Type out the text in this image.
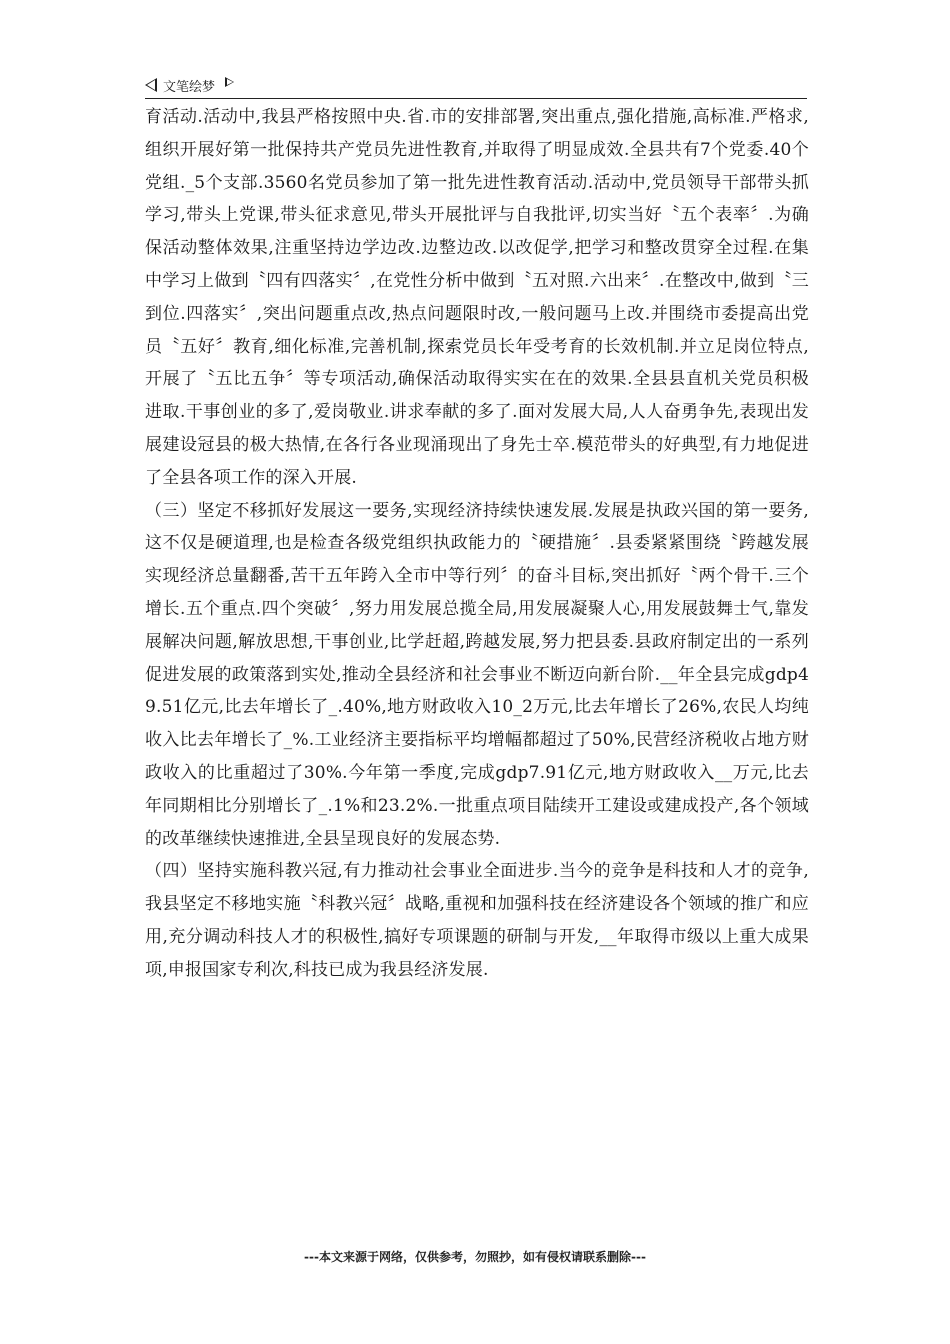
文笔绘梦

育活动.活动中,我县严格按照中央.省.市的安排部署,突出重点,强化措施,高标准.严格求,组织开展好第一批保持共产党员先进性教育,并取得了明显成效.全县共有7个党委.40个党组._5个支部.3560名党员参加了第一批先进性教育活动.活动中,党员领导干部带头抓学习,带头上党课,带头征求意见,带头开展批评与自我批评,切实当好〝五个表率〞.为确保活动整体效果,注重坚持边学边改.边整边改.以改促学,把学习和整改贯穿全过程.在集中学习上做到〝四有四落实〞,在党性分析中做到〝五对照.六出来〞.在整改中,做到〝三到位.四落实〞,突出问题重点改,热点问题限时改,一般问题马上改.并围绕市委提高出党员〝五好〞教育,细化标准,完善机制,探索党员长年受考育的长效机制.并立足岗位特点,开展了〝五比五争〞等专项活动,确保活动取得实实在在的效果.全县县直机关党员积极进取.干事创业的多了,爱岗敬业.讲求奉献的多了.面对发展大局,人人奋勇争先,表现出发展建设冠县的极大热情,在各行各业现涌现出了身先士卒.模范带头的好典型,有力地促进了全县各项工作的深入开展.

（三）坚定不移抓好发展这一要务,实现经济持续快速发展.发展是执政兴国的第一要务,这不仅是硬道理,也是检查各级党组织执政能力的〝硬措施〞.县委紧紧围绕〝跨越发展实现经济总量翻番,苦干五年跨入全市中等行列〞的奋斗目标,突出抓好〝两个骨干.三个增长.五个重点.四个突破〞,努力用发展总揽全局,用发展凝聚人心,用发展鼓舞士气,靠发展解决问题,解放思想,干事创业,比学赶超,跨越发展,努力把县委.县政府制定出的一系列促进发展的政策落到实处,推动全县经济和社会事业不断迈向新台阶.__年全县完成gdp49.51亿元,比去年增长了_.40%,地方财政收入10_2万元,比去年增长了26%,农民人均纯收入比去年增长了_%.工业经济主要指标平均增幅都超过了50%,民营经济税收占地方财政收入的比重超过了30%.今年第一季度,完成gdp7.91亿元,地方财政收入__万元,比去年同期相比分别增长了_.1%和23.2%.一批重点项目陆续开工建设或建成投产,各个领域的改革继续快速推进,全县呈现良好的发展态势.

（四）坚持实施科教兴冠,有力推动社会事业全面进步.当今的竞争是科技和人才的竞争,我县坚定不移地实施〝科教兴冠〞战略,重视和加强科技在经济建设各个领域的推广和应用,充分调动科技人才的积极性,搞好专项课题的研制与开发,__年取得市级以上重大成果项,申报国家专利次,科技已成为我县经济发展.

---本文来源于网络，仅供参考，勿照抄，如有侵权请联系删除---
